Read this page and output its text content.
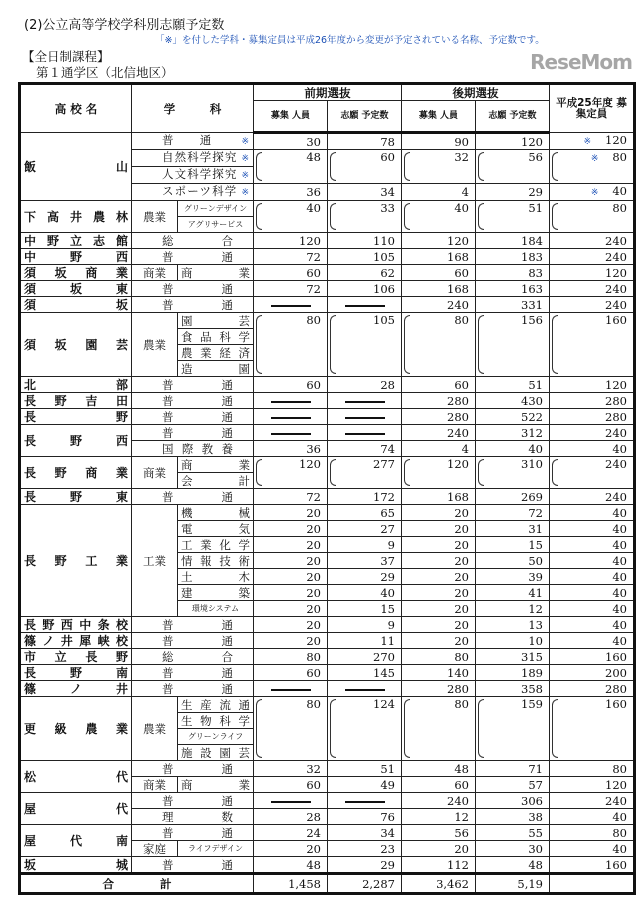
(2)公立高等学校学科別志願予定数
「※」を付した学科・募集定員は平成26年度から変更が予定されている名称、予定数です。
【全日制課程】
第１通学区（北信地区）
高 校 名	学　　　科		前期選抜		後期選抜		平成25年度 募集定員
			募集 人員	志願 予定数	募集 人員	志願 予定数	
飯山	普通 ※		30	78	90	120	※ 120
	自然科学探究 ※		48	60	32	56	※ 80
	人文科学探究 ※						
	スポーツ科学 ※		36	34	4	29	※ 40
下高井農林	農業	グリーンデザイン	40	33	40	51	80
		アグリサービス					
中野立志館	総合		120	110	120	184	240
中野西	普通		72	105	168	183	240
須坂商業	商業	商業	60	62	60	83	120
須坂東	普通		72	106	168	163	240
須坂	普通				240	331	240
須坂園芸	農業	園芸	80	105	80	156	160
		食品科学					
		農業経済					
		造園					
北部	普通		60	28	60	51	120
長野吉田	普通				280	430	280
長野	普通				280	522	280
長野西	普通				240	312	240
	国際教養		36	74	4	40	40
長野商業	商業	商業	120	277	120	310	240
		会計					
長野東	普通		72	172	168	269	240
長野工業	工業	機械	20	65	20	72	40
		電気	20	27	20	31	40
		工業化学	20	9	20	15	40
		情報技術	20	37	20	50	40
		土木	20	29	20	39	40
		建築	20	40	20	41	40
		環境システム	20	15	20	12	40
長野西中条校	普通		20	9	20	13	40
篠ノ井犀峡校	普通		20	11	20	10	40
市立長野	総合		80	270	80	315	160
長野南	普通		60	145	140	189	200
篠ノ井	普通				280	358	280
更級農業	農業	生産流通	80	124	80	159	160
		生物科学					
		グリーンライフ					
		施設園芸					
松代	普通		32	51	48	71	80
	商業	商業	60	49	60	57	120
屋代	普通				240	306	240
	理数		28	76	12	38	40
屋代南	普通		24	34	56	55	80
	家庭	ライフデザイン	20	23	20	30	40
坂城	普通		48	29	112	48	160
合　　　　計			1,458	2,287	3,462	5,19	
ReseMom
